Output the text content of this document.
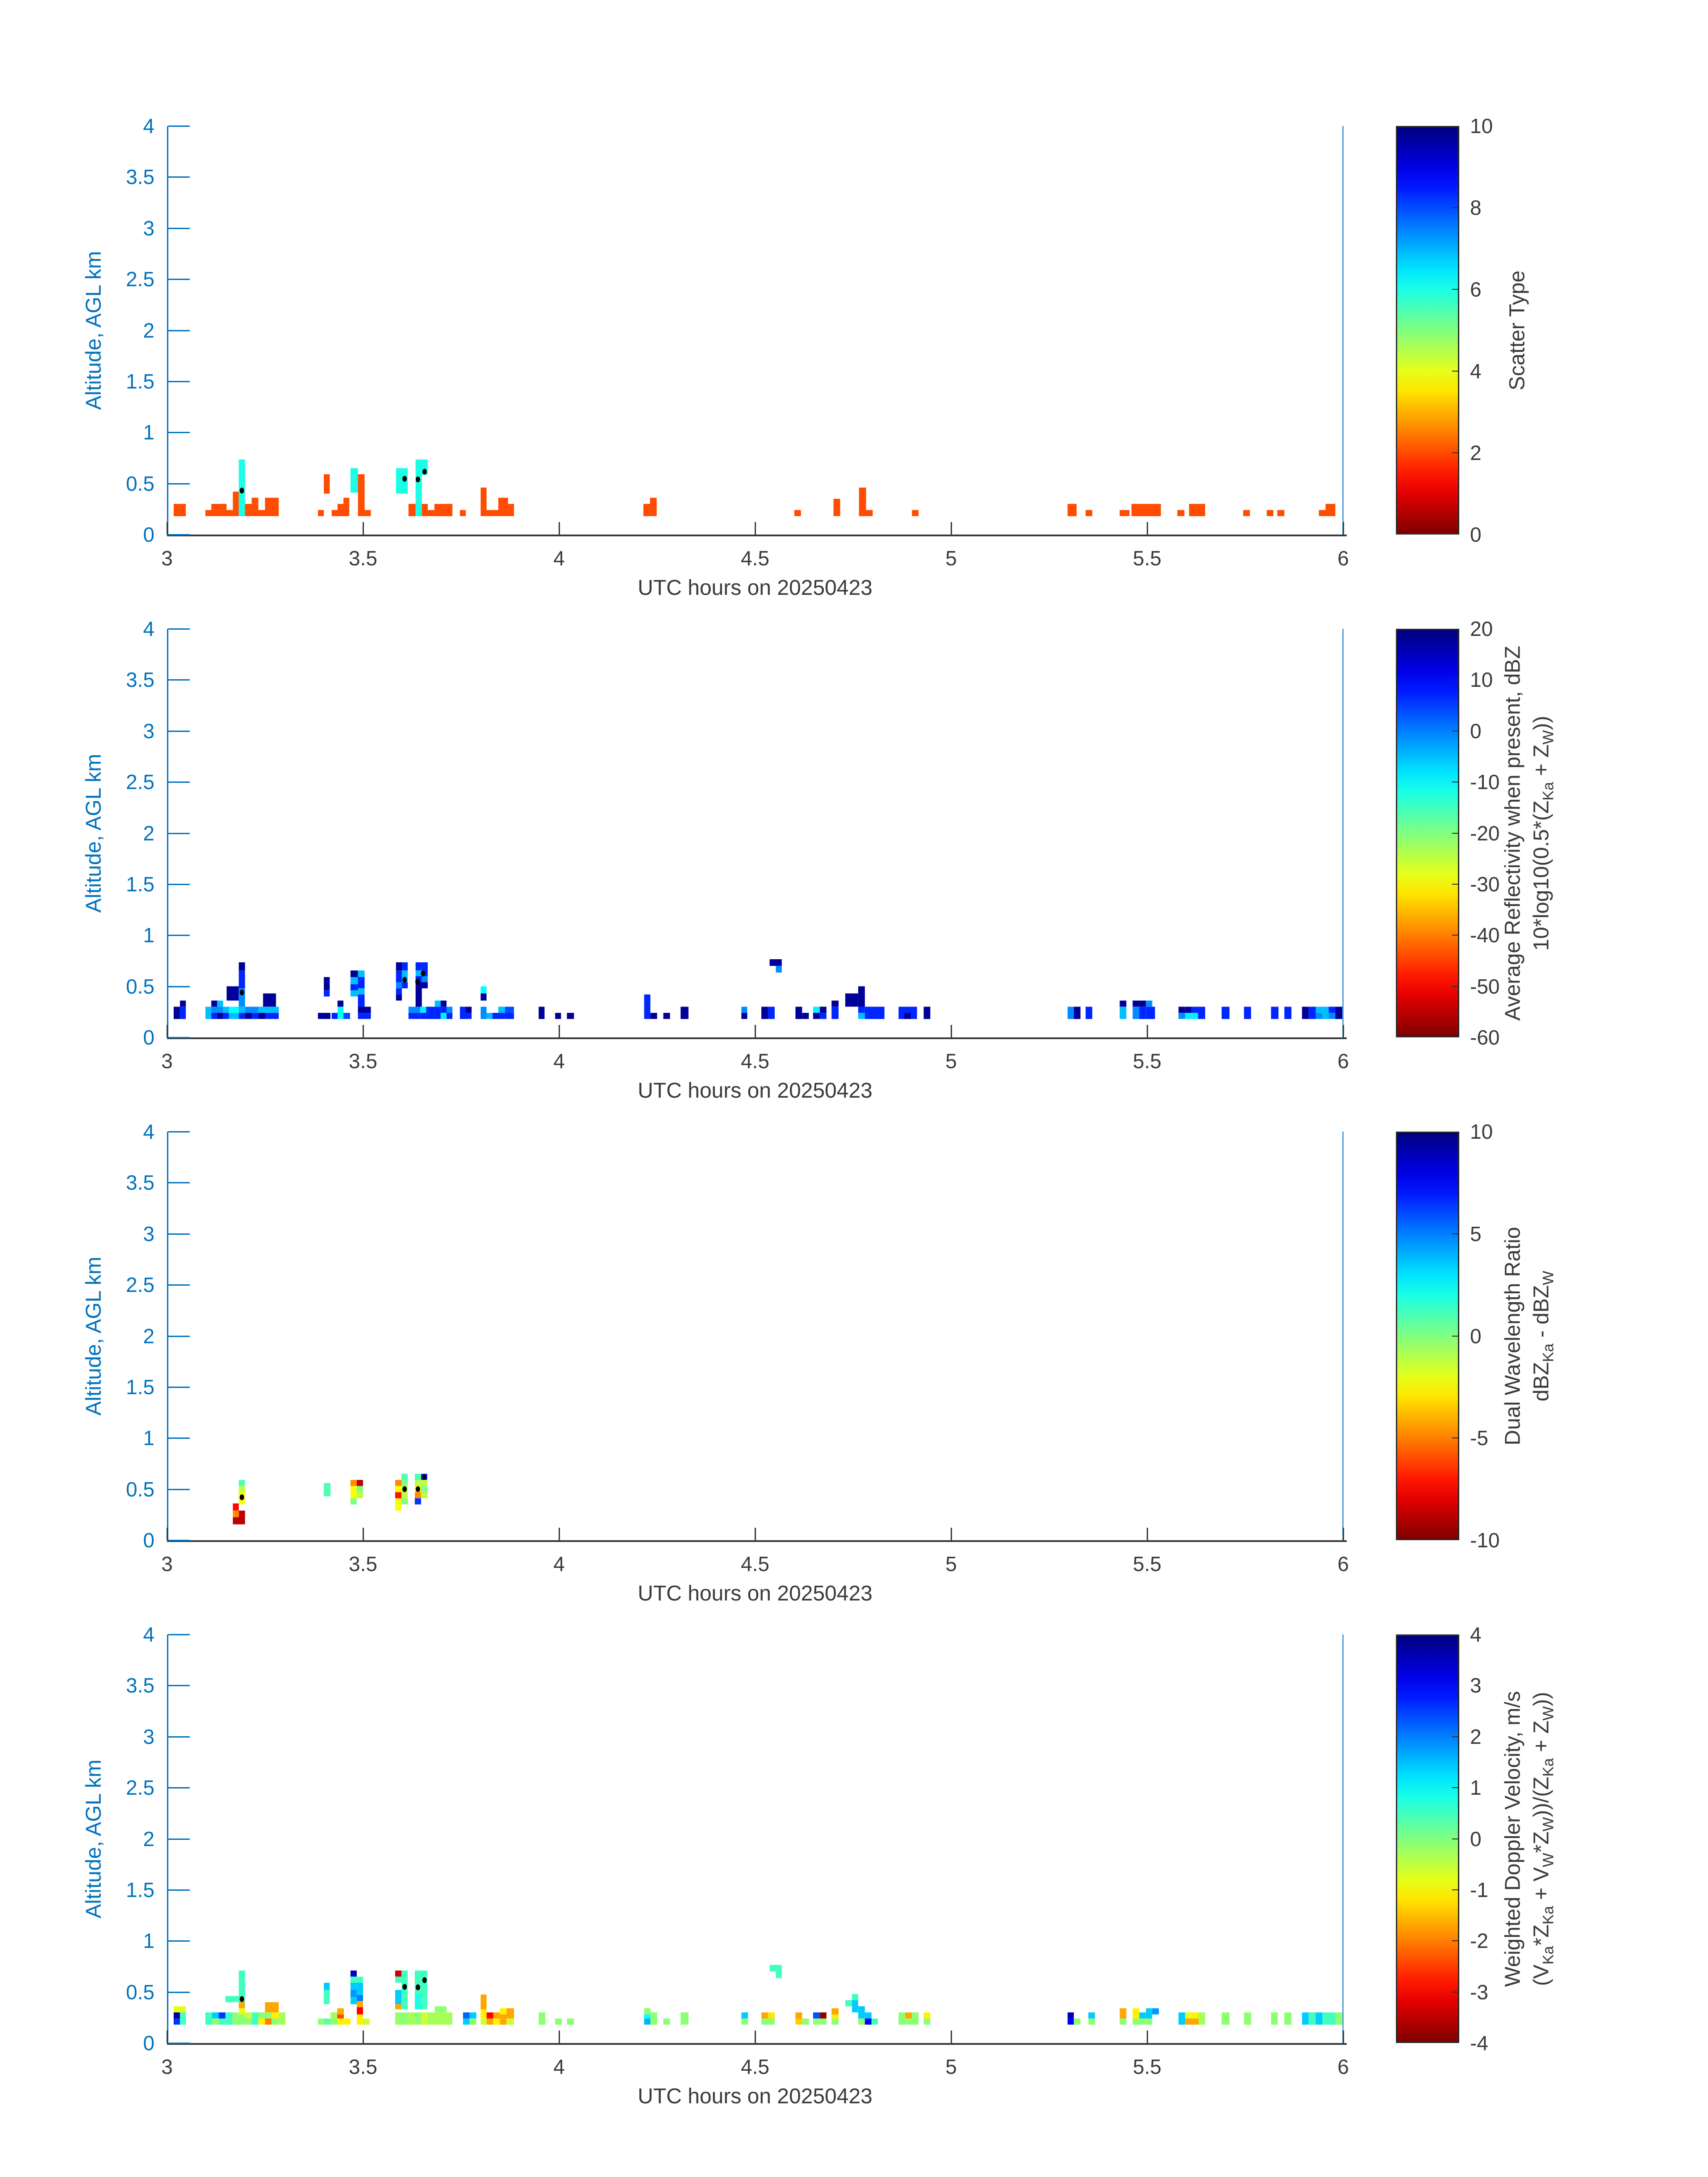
Altitude, AGL km
0
0.5
1
1.5
2
2.5
3
3.5
4
3	3.5	4	4.5	5	5.5	6
UTC hours on 20250423
0
2
4
6
8
10
Scatter Type
Altitude, AGL km
0
0.5
1
1.5
2
2.5
3
3.5
4
3	3.5	4	4.5	5	5.5	6
UTC hours on 20250423
-60
-50
-40
-30
-20
-10
0
10
20
Average Reflectivity when present, dBZ $10*\log 10(0.5*(Z_{Ka} + Z_W))$
Altitude, AGL km
0
0.5
1
1.5
2
2.5
3
3.5
4
3	3.5	4	4.5	5	5.5	6
UTC hours on 20250423
-10
-5
0
5
10
Dual Wavelength Ratio dBZ$_{Ka}$ - dBZ$_W$
Altitude, AGL km
0
0.5
1
1.5
2
2.5
3
3.5
4
3	3.5	4	4.5	5	5.5	6
UTC hours on 20250423
-4
-3
-2
-1
0
1
2
3
4
Weighted Doppler Velocity, m/s $(V_{Ka}*Z_{Ka} + V_W*Z_W))/(Z_{Ka} + Z_W)$)
